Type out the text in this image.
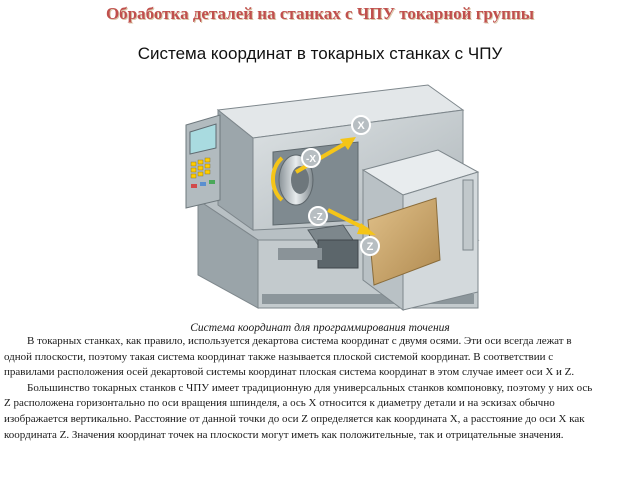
Обработка деталей на станках с ЧПУ токарной группы
Система координат в токарных станках с ЧПУ
X
-X
-Z
Z
Система координат для программирования точения

В токарных станках, как правило, используется декартова система координат с двумя осями. Эти оси всегда лежат в одной плоскости, поэтому такая система координат также называется плоской системой координат. В соответствии с правилами расположения осей декартовой системы координат плоская система координат в этом случае имеет оси X и Z.

Большинство токарных станков с ЧПУ имеет традиционную для универсальных станков компоновку, поэтому у них ось Z расположена горизонтально по оси вращения шпинделя, а ось X относится к диаметру детали и на эскизах обычно изображается вертикально. Расстояние от данной точки до оси Z определяется как координата X, а расстояние до оси X как координата Z. Значения координат точек на плоскости могут иметь как положительные, так и отрицательные значения.
